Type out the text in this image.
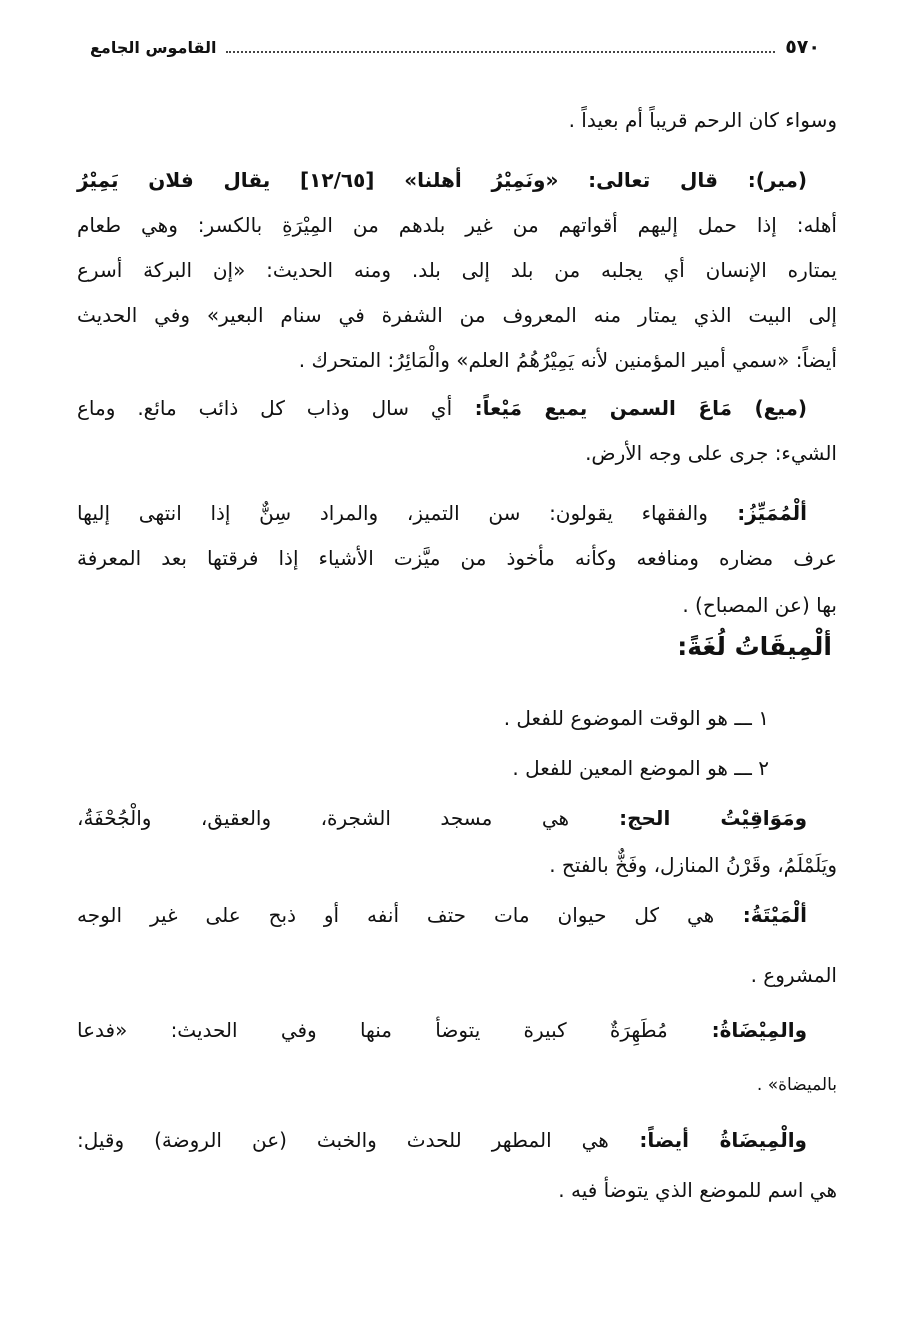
٥٧٠
القاموس الجامع
وسواء كان الرحم قريباً أم بعيداً .
(مير): قال تعالى: «ونَمِيْرُ أهلنا» [١٢/٦٥] يقال فلان يَمِيْرُ
أهله: إذا حمل إليهم أقواتهم من غير بلدهم من المِيْرَةِ بالكسر: وهي طعام
يمتاره الإنسان أي يجلبه من بلد إلى بلد. ومنه الحديث: «إن البركة أسرع
إلى البيت الذي يمتار منه المعروف من الشفرة في سنام البعير» وفي الحديث
أيضاً: «سمي أمير المؤمنين لأنه يَمِيْرُهُمُ العلم» والْمَائِرُ: المتحرك .
(ميع) مَاعَ السمن يميع مَيْعاً: أي سال وذاب كل ذائب مائع. وماع
الشيء: جرى على وجه الأرض.
ألْمُمَيِّزُ: والفقهاء يقولون: سن التميز، والمراد سِنٌّ إذا انتهى إليها
عرف مضاره ومنافعه وكأنه مأخوذ من ميَّزت الأشياء إذا فرقتها بعد المعرفة
بها (عن المصباح) .
ألْمِيقَاتُ لُغَةً:
١ ـــ هو الوقت الموضوع للفعل .
٢ ـــ هو الموضع المعين للفعل .
ومَوَاقِيْتُ الحج: هي مسجد الشجرة، والعقيق، والْجُحْفَةُ،
ويَلَمْلَمُ، وقَرْنُ المنازل، وفَخٌّ بالفتح .
ألْمَيْتَةُ: هي كل حيوان مات حتف أنفه أو ذبح على غير الوجه
المشروع .
والمِيْضَاةُ: مُطَهِرَةٌ كبيرة يتوضأ منها وفي الحديث: «فدعا
بالميضاة» .
والْمِيضَاةُ أيضاً: هي المطهر للحدث والخبث (عن الروضة) وقيل:
هي اسم للموضع الذي يتوضأ فيه .
